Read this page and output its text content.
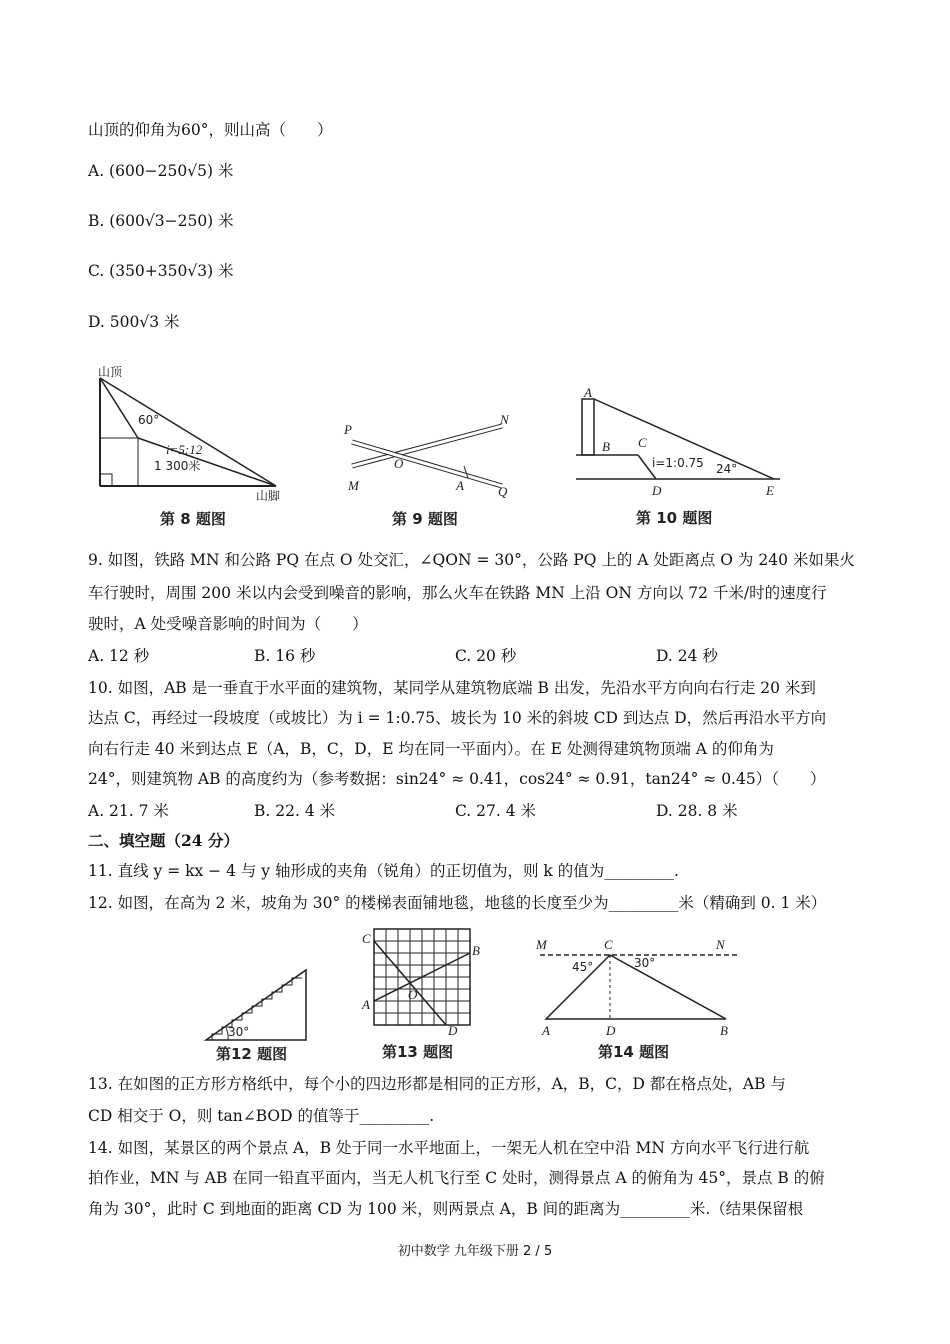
山顶的仰角为60°，则山高（　　）
A. (600−250√5) 米
B. (600√3−250) 米
C. (350+350√3) 米
D. 500√3 米
山顶
60°
i=5:12
1 300米
山脚
第 8 题图
P
N
M
O
A	Q
第 9 题图
A
B C
i=1:0.75 24°
D	E
第 10 题图
9. 如图，铁路 MN 和公路 PQ 在点 O 处交汇，∠QON = 30°，公路 PQ 上的 A 处距离点 O 为 240 米如果火
车行驶时，周围 200 米以内会受到噪音的影响，那么火车在铁路 MN 上沿 ON 方向以 72 千米/时的速度行
驶时，A 处受噪音影响的时间为（　　）
A. 12 秒	B. 16 秒	C. 20 秒	D. 24 秒
10. 如图，AB 是一垂直于水平面的建筑物，某同学从建筑物底端 B 出发，先沿水平方向向右行走 20 米到
达点 C，再经过一段坡度（或坡比）为 i = 1:0.75、坡长为 10 米的斜坡 CD 到达点 D，然后再沿水平方向
向右行走 40 米到达点 E（A，B，C，D，E 均在同一平面内）。在 E 处测得建筑物顶端 A 的仰角为
24°，则建筑物 AB 的高度约为（参考数据：sin24° ≈ 0.41，cos24° ≈ 0.91，tan24° ≈ 0.45）（　　）
A. 21. 7 米	B. 22. 4 米	C. 27. 4 米	D. 28. 8 米
二、填空题（24 分）
11. 直线 y = kx − 4 与 y 轴形成的夹角（锐角）的正切值为，则 k 的值为_________.
12. 如图，在高为 2 米，坡角为 30° 的楼梯表面铺地毯，地毯的长度至少为_________米（精确到 0. 1 米）
30°
第12 题图
C
B
O
A
D
第13 题图
M	C	N
45°	30°
A	D	B
第14 题图
13. 在如图的正方形方格纸中，每个小的四边形都是相同的正方形，A，B，C，D 都在格点处，AB 与
CD 相交于 O，则 tan∠BOD 的值等于_________.
14. 如图，某景区的两个景点 A，B 处于同一水平地面上，一架无人机在空中沿 MN 方向水平飞行进行航
拍作业，MN 与 AB 在同一铅直平面内，当无人机飞行至 C 处时，测得景点 A 的俯角为 45°，景点 B 的俯
角为 30°，此时 C 到地面的距离 CD 为 100 米，则两景点 A，B 间的距离为_________米.（结果保留根
初中数学 九年级下册 2 / 5
